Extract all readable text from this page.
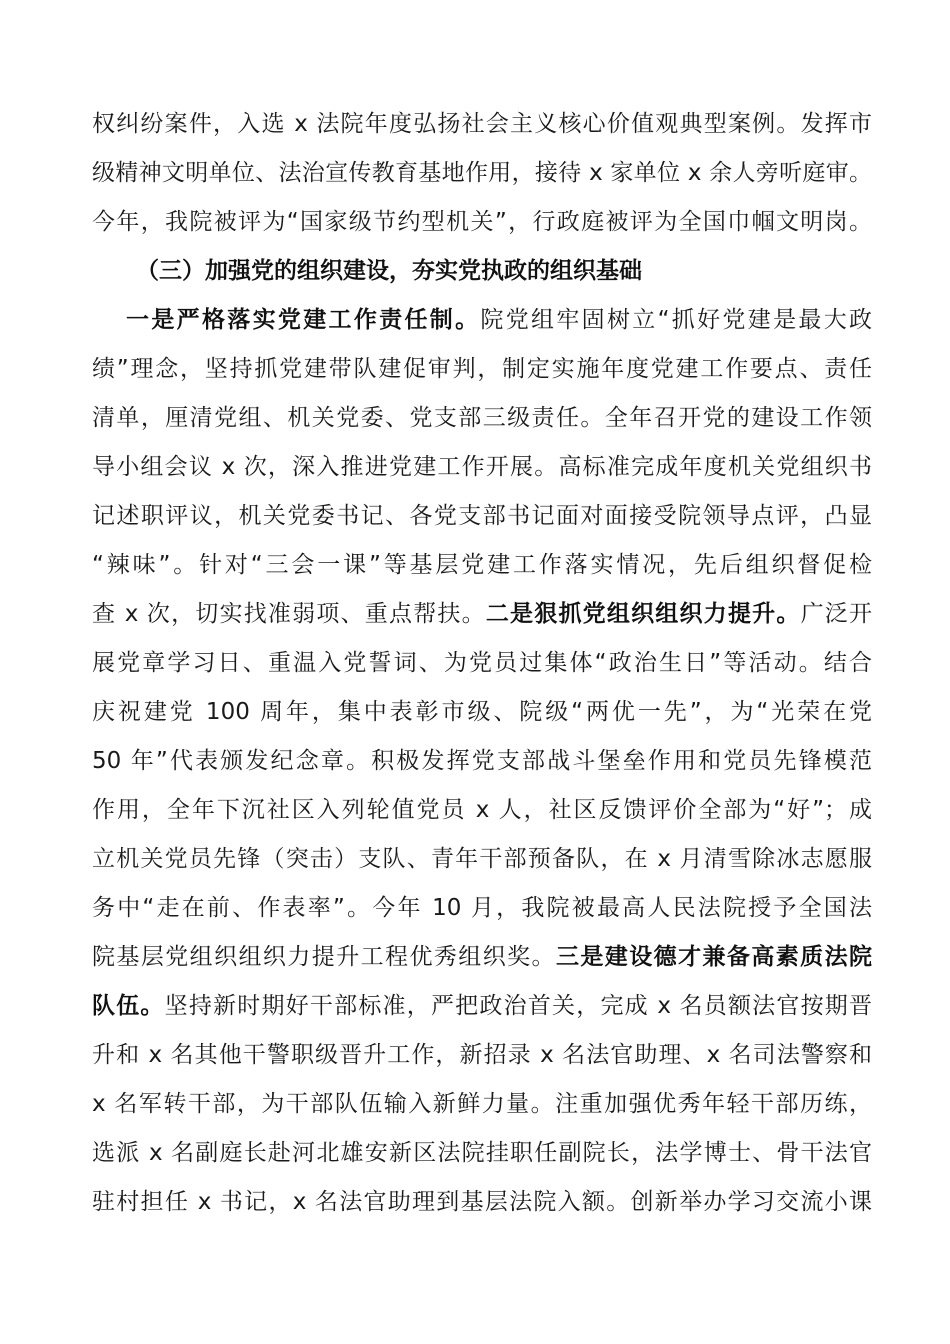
权纠纷案件，入选 x 法院年度弘扬社会主义核心价值观典型案例。发挥市
级精神文明单位、法治宣传教育基地作用，接待 x 家单位 x 余人旁听庭审。
今年，我院被评为“国家级节约型机关”，行政庭被评为全国巾帼文明岗。
（三）加强党的组织建设，夯实党执政的组织基础
一是严格落实党建工作责任制。院党组牢固树立“抓好党建是最大政
绩”理念，坚持抓党建带队建促审判，制定实施年度党建工作要点、责任
清单，厘清党组、机关党委、党支部三级责任。全年召开党的建设工作领
导小组会议 x 次，深入推进党建工作开展。高标准完成年度机关党组织书
记述职评议，机关党委书记、各党支部书记面对面接受院领导点评，凸显
“辣味”。针对“三会一课”等基层党建工作落实情况，先后组织督促检
查 x 次，切实找准弱项、重点帮扶。二是狠抓党组织组织力提升。广泛开
展党章学习日、重温入党誓词、为党员过集体“政治生日”等活动。结合
庆祝建党 100 周年，集中表彰市级、院级“两优一先”，为“光荣在党
50 年”代表颁发纪念章。积极发挥党支部战斗堡垒作用和党员先锋模范
作用，全年下沉社区入列轮值党员 x 人，社区反馈评价全部为“好”；成
立机关党员先锋（突击）支队、青年干部预备队，在 x 月清雪除冰志愿服
务中“走在前、作表率”。今年 10 月，我院被最高人民法院授予全国法
院基层党组织组织力提升工程优秀组织奖。三是建设德才兼备高素质法院
队伍。坚持新时期好干部标准，严把政治首关，完成 x 名员额法官按期晋
升和 x 名其他干警职级晋升工作，新招录 x 名法官助理、x 名司法警察和
x 名军转干部，为干部队伍输入新鲜力量。注重加强优秀年轻干部历练，
选派 x 名副庭长赴河北雄安新区法院挂职任副院长，法学博士、骨干法官
驻村担任 x 书记，x 名法官助理到基层法院入额。创新举办学习交流小课
